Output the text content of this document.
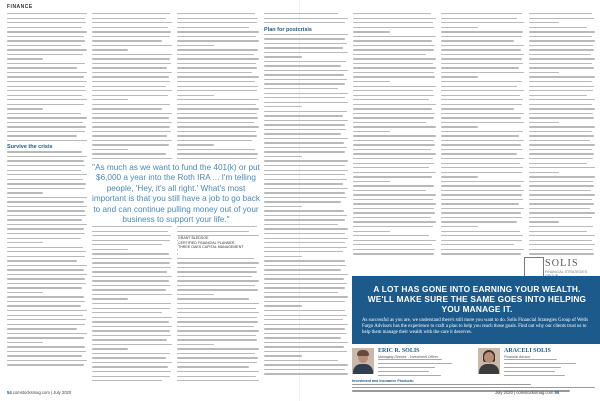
FINANCE
Survive the crisis
Plan for postcrisis
"As much as we want to fund the 401(k) or put $6,000 a year into the Roth IRA ... I'm telling people, 'Hey, it's all right.' What's most important is that you still have a job to go back to and can continue pulling money out of your business to support your life."
GRANT BLEDSOE
CERTIFIED FINANCIAL PLANNER,
THREE OAKS CAPITAL MANAGEMENT
SOLIS
FINANCIAL STRATEGIES
A LOT HAS GONE INTO EARNING YOUR WEALTH. WE'LL MAKE SURE THE SAME GOES INTO HELPING YOU MANAGE IT.
As successful as you are, we understand there's still more you want to do. Solis Financial Strategies Group of Wells Fargo Advisors has the experience to craft a plan to help you reach those goals. Find out why our clients trust us to help them manage their wealth with the care it deserves.
ERIC R. SOLIS
Managing Director - Investment Officer
ARACELI SOLIS
Financial Advisor
Investment and Insurance Products:
54 comstocksmag.com | July 2020	July 2020 | comstocksmag.com 55
